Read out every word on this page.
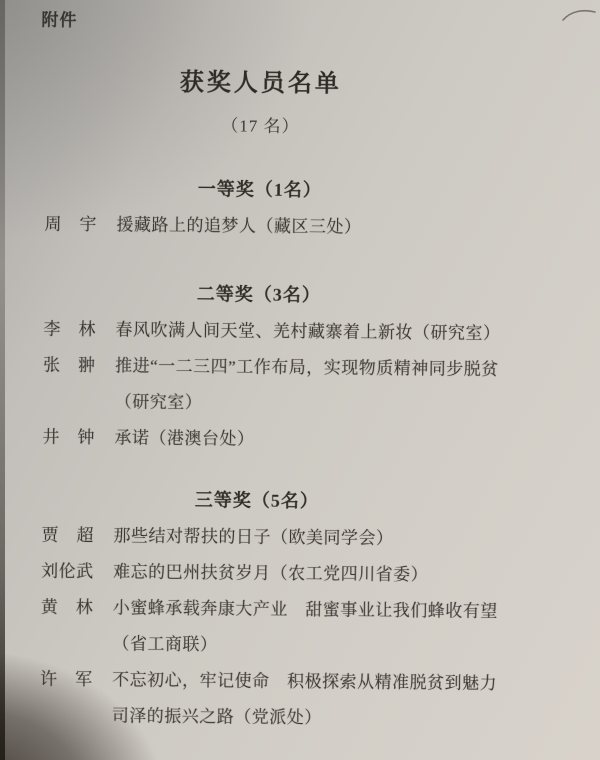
附件
获奖人员名单
（17 名）
一等奖（1名）
周　宇 援藏路上的追梦人（藏区三处）
二等奖（3名）
李　林 春风吹满人间天堂、羌村藏寨着上新妆（研究室）
张　翀 推进“一二三四”工作布局，实现物质精神同步脱贫
（研究室）
井　钟 承诺（港澳台处）
三等奖（5名）
贾　超 那些结对帮扶的日子（欧美同学会）
刘伦武 难忘的巴州扶贫岁月（农工党四川省委）
黄　林 小蜜蜂承载奔康大产业　甜蜜事业让我们蜂收有望
（省工商联）
许　军 不忘初心，牢记使命　积极探索从精准脱贫到魅力
司泽的振兴之路（党派处）
